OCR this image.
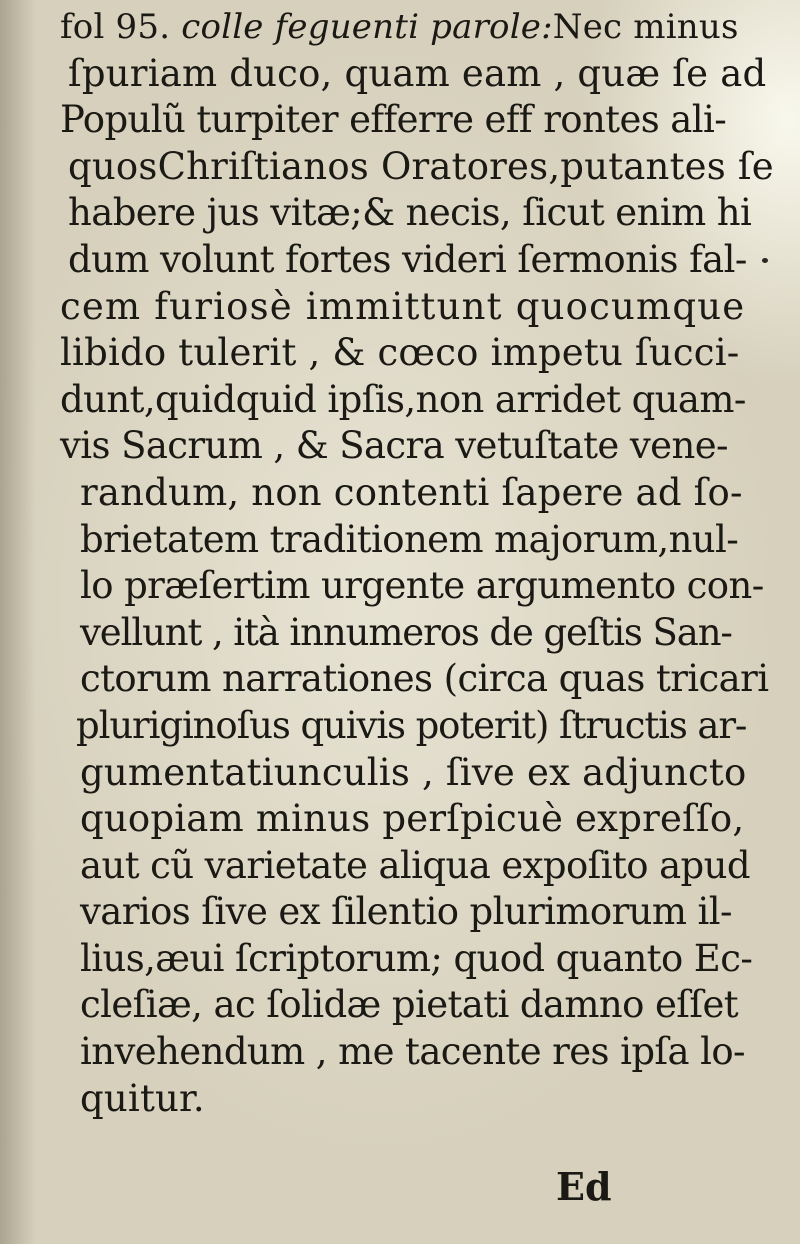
fol 95. colle feguenti parole:Nec minus
ſpuriam duco, quam eam , quæ ſe ad
Populũ turpiter efferre eff rontes ali-
quosChriſtianos Oratores,putantes ſe
habere jus vitæ;& necis, ſicut enim hi
dum volunt fortes videri ſermonis fal-
cem furiosè immittunt quocumque
libido tulerit , & cœco impetu ſucci-
dunt,quidquid ipſis,non arridet quam-
vis Sacrum , & Sacra vetuſtate vene-
randum, non contenti ſapere ad ſo-
brietatem traditionem majorum,nul-
lo præſertim urgente argumento con-
vellunt , ità innumeros de geſtis San-
ctorum narrationes (circa quas tricari
pluriginoſus quivis poterit) ſtructis ar-
gumentatiunculis , ſive ex adjuncto
quopiam minus perſpicuè expreſſo,
aut cũ varietate aliqua expoſito apud
varios ſive ex ſilentio plurimorum il-
lius,æui ſcriptorum; quod quanto Ec-
cleſiæ, ac ſolidæ pietati damno eſſet
invehendum , me tacente res ipſa lo-
quitur.
Ed
